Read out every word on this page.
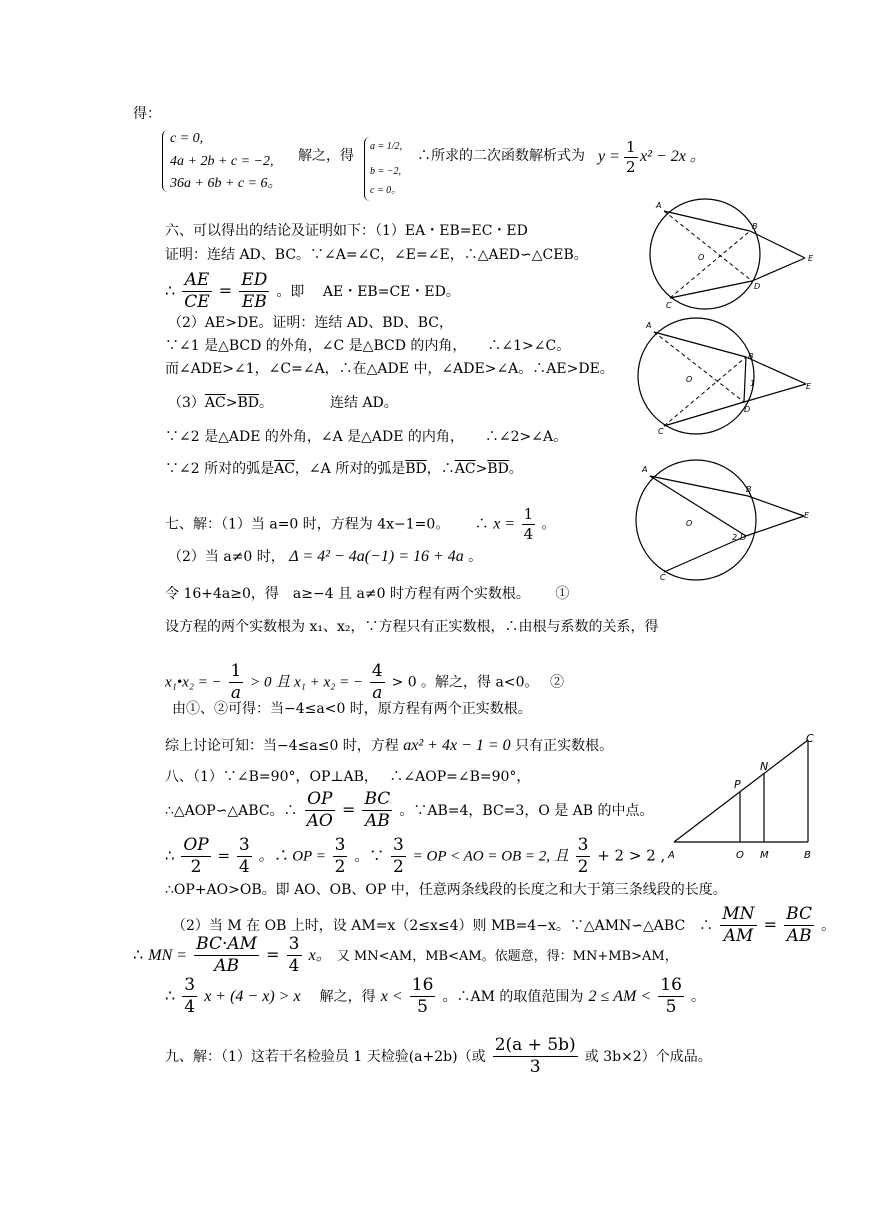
得：
c = 0,
4a + 2b + c = −2,
36a + 6b + c = 6。
解之，得
a = 1/2,
b = −2,
c = 0。
∴所求的二次函数解析式为 $y = \frac{1}{2} x^2 - 2x$ 。
六、可以得出的结论及证明如下：（1）EA・EB=EC・ED
证明：连结 AD、BC。∵∠A=∠C，∠E=∠E，∴△AED∽△CEB。
∴ $\frac{AE}{CE} = \frac{ED}{EB}$ 。即　 AE・EB=CE・ED。
（2）AE>DE。证明：连结 AD、BD、BC，
∵∠1 是△BCD 的外角，∠C 是△BCD 的内角，　　∴∠1>∠C。
而∠ADE>∠1，∠C=∠A，∴在△ADE 中，∠ADE>∠A。∴AE>DE。
$(3)\overline{AC}>\overline{BD}$。	连结 AD。
∵∠2 是△ADE 的外角，∠A 是△ADE 的内角，　　∴∠2>∠A。
∵∠2 所对的弧是$\overline{AC}$，∠A 所对的弧是$\overline{BD}$，$\therefore\overline{AC}>\overline{BD}$。
七、解：（1）当 a=0 时，方程为 4x−1=0。　　 ∴ $x = \frac{1}{4}$ 。
（2）当 a≠0 时， Δ = 4² − 4a(−1) = 16 + 4a 。
令 16+4a≥0，得　a≥−4 且 a≠0 时方程有两个实数根。　　 ①
设方程的两个实数根为 x₁、x₂，∵方程只有正实数根，∴由根与系数的关系，得
x₁•x₂ = − $\frac{1}{a} > 0$ 且 x₁ + x₂ = − $\frac{4}{a} > 0$ 。解之，得 a<0。　 ②
由①、②可得：当−4≤a<0 时，原方程有两个正实数根。
综上讨论可知：当−4≤a≤0 时，方程 ax² + 4x − 1 = 0 只有正实数根。
八、（1）∵∠B=90°，OP⊥AB，　 ∴∠AOP=∠B=90°，
∴△AOP∽△ABC。∴ $\frac{OP}{AO} = \frac{BC}{AB}$ 。∵AB=4，BC=3，O 是 AB 的中点。
∴ $\frac{OP}{2} = \frac{3}{4}$ 。∴ OP = $\frac{3}{2}$ 。∵ $\frac{3}{2}$ = OP < AO = OB = 2, 且 $\frac{3}{2} + 2 > 2$ ,
∴OP+AO>OB。即 AO、OB、OP 中，任意两条线段的长度之和大于第三条线段的长度。
（2）当 M 在 OB 上时，设 AM=x（2≤x≤4）则 MB=4−x。∵△AMN∽△ABC　∴ $\frac{MN}{AM} = \frac{BC}{AB}$ 。
∴ MN = $\frac{BC\cdot AM}{AB} = \frac{3}{4}$ x。 又 MN<AM，MB<AM。依题意，得：MN+MB>AM，
∴ $\frac{3}{4}$ x + (4 − x) > x 解之，得 $x < \frac{16}{5}$ 。∴AM 的取值范围为 2 ≤ AM < $\frac{16}{5}$ 。
九、解：（1）这若干名检验员 1 天检验(a+2b)（或 $\frac{2(a + 5b)}{3}$ 或 3b×2）个成品。
A
B
O	E
C
D
A
B
O
E
C
D
1
A
B
O
E
C
2 D
C
P
N
A	O M	B
